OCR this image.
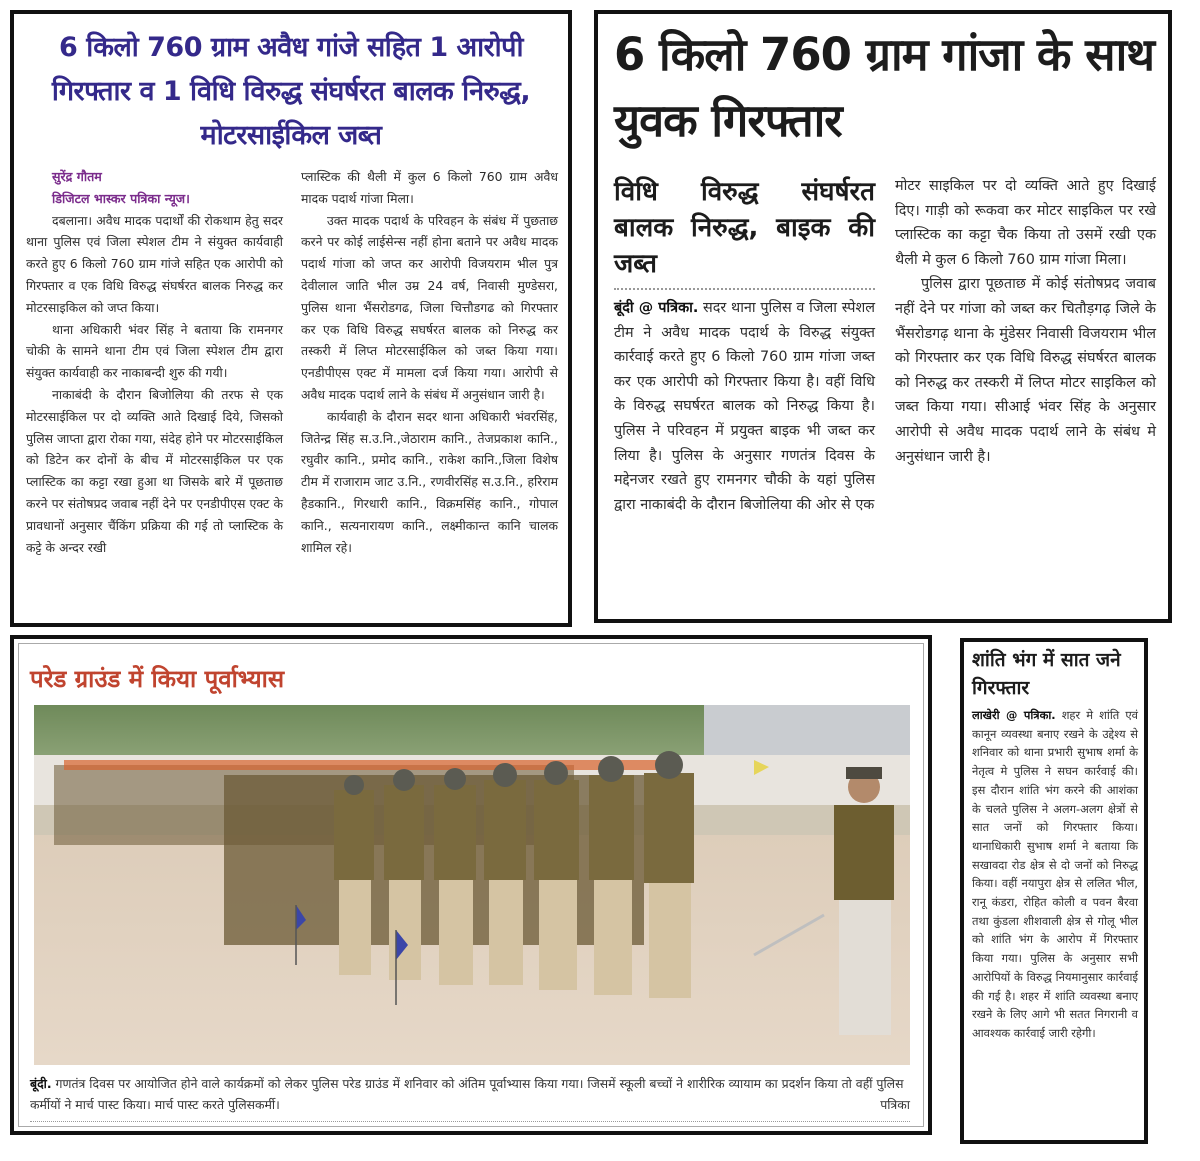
6 किलो 760 ग्राम अवैध गांजे सहित 1 आरोपी गिरफ्तार व 1 विधि विरुद्ध संघर्षरत बालक निरुद्ध, मोटरसाईकिल जब्त
सुरेंद्र गौतम
डिजिटल भास्कर पत्रिका न्यूज।

दबलाना। अवैध मादक पदार्थों की रोकथाम हेतु सदर थाना पुलिस एवं जिला स्पेशल टीम ने संयुक्त कार्यवाही करते हुए 6 किलो 760 ग्राम गांजे सहित एक आरोपी को गिरफ्तार व एक विधि विरुद्ध संघर्षरत बालक निरुद्ध कर मोटरसाइकिल को जप्त किया।

थाना अधिकारी भंवर सिंह ने बताया कि रामनगर चोकी के सामने थाना टीम एवं जिला स्पेशल टीम द्वारा संयुक्त कार्यवाही कर नाकाबन्दी शुरु की गयी।

नाकाबंदी के दौरान बिजोलिया की तरफ से एक मोटरसाईकिल पर दो व्यक्ति आते दिखाई दिये, जिसको पुलिस जाप्ता द्वारा रोका गया, संदेह होने पर मोटरसाईकिल को डिटेन कर दोनों के बीच में मोटरसाईकिल पर एक प्लास्टिक का कट्टा रखा हुआ था जिसके बारे में पूछताछ करने पर संतोषप्रद जवाब नहीं देने पर एनडीपीएस एक्ट के प्रावधानों अनुसार चैंकिंग प्रक्रिया की गई तो प्लास्टिक के कट्टे के अन्दर रखी

प्लास्टिक की थैली में कुल 6 किलो 760 ग्राम अवैध मादक पदार्थ गांजा मिला।

उक्त मादक पदार्थ के परिवहन के संबंध में पुछताछ करने पर कोई लाईसेन्स नहीं होना बताने पर अवैध मादक पदार्थ गांजा को जप्त कर आरोपी विजयराम भील पुत्र देवीलाल जाति भील उम्र 24 वर्ष, निवासी मुण्डेसरा, पुलिस थाना भैंसरोडगढ, जिला चित्तौडगढ को गिरफ्तार कर एक विधि विरुद्ध सघर्षरत बालक को निरुद्ध कर तस्करी में लिप्त मोटरसाईकिल को जब्त किया गया। एनडीपीएस एक्ट में मामला दर्ज किया गया। आरोपी से अवैध मादक पदार्थ लाने के संबंध में अनुसंधान जारी है।

कार्यवाही के दौरान सदर थाना अधिकारी भंवरसिंह, जितेन्द्र सिंह स.उ.नि.,जेठाराम कानि., तेजप्रकाश कानि., रघुवीर कानि., प्रमोद कानि., राकेश कानि.,जिला विशेष टीम में राजाराम जाट उ.नि., रणवीरसिंह स.उ.नि., हरिराम हैडकानि., गिरधारी कानि., विक्रमसिंह कानि., गोपाल कानि., सत्यनारायण कानि., लक्ष्मीकान्त कानि चालक शामिल रहे।

6 किलो 760 ग्राम गांजा के साथ युवक गिरफ्तार
विधि विरुद्ध संघर्षरत बालक निरुद्ध, बाइक की जब्त

बूंदी @ पत्रिका. सदर थाना पुलिस व जिला स्पेशल टीम ने अवैध मादक पदार्थ के विरुद्ध संयुक्त कार्रवाई करते हुए 6 किलो 760 ग्राम गांजा जब्त कर एक आरोपी को गिरफ्तार किया है। वहीं विधि के विरुद्ध सघर्षरत बालक को निरुद्ध किया है। पुलिस ने परिवहन में प्रयुक्त बाइक भी जब्त कर लिया है। पुलिस के अनुसार गणतंत्र दिवस के मद्देनजर रखते हुए रामनगर चौकी के यहां पुलिस द्वारा नाकाबंदी के दौरान बिजोलिया की ओर से एक

मोटर साइकिल पर दो व्यक्ति आते हुए दिखाई दिए। गाड़ी को रूकवा कर मोटर साइकिल पर रखे प्लास्टिक का कट्टा चैक किया तो उसमें रखी एक थैली मे कुल 6 किलो 760 ग्राम गांजा मिला।

पुलिस द्वारा पूछताछ में कोई संतोषप्रद जवाब नहीं देने पर गांजा को जब्त कर चितौड़गढ़ जिले के भैंसरोडगढ़ थाना के मुंडेसर निवासी विजयराम भील को गिरफ्तार कर एक विधि विरुद्ध संघर्षरत बालक को निरुद्ध कर तस्करी में लिप्त मोटर साइकिल को जब्त किया गया। सीआई भंवर सिंह के अनुसार आरोपी से अवैध मादक पदार्थ लाने के संबंध मे अनुसंधान जारी है।

परेड ग्राउंड में किया पूर्वाभ्यास
बूंदी. गणतंत्र दिवस पर आयोजित होने वाले कार्यक्रमों को लेकर पुलिस परेड ग्राउंड में शनिवार को अंतिम पूर्वाभ्यास किया गया। जिसमें स्कूली बच्चों ने शारीरिक व्यायाम का प्रदर्शन किया तो वहीं पुलिस कर्मीयों ने मार्च पास्ट किया। मार्च पास्ट करते पुलिसकर्मी।	पत्रिका
शांति भंग में सात जने गिरफ्तार
लाखेरी @ पत्रिका. शहर मे शांति एवं कानून व्यवस्था बनाए रखने के उद्देश्य से शनिवार को थाना प्रभारी सुभाष शर्मा के नेतृत्व मे पुलिस ने सघन कार्रवाई की। इस दौरान शांति भंग करने की आशंका के चलते पुलिस ने अलग-अलग क्षेत्रों से सात जनों को गिरफ्तार किया। थानाधिकारी सुभाष शर्मा ने बताया कि सखावदा रोड क्षेत्र से दो जनों को निरुद्ध किया। वहीं नयापुरा क्षेत्र से ललित भील, रानू कंडरा, रोहित कोली व पवन बैरवा तथा कुंडला शीशवाली क्षेत्र से गोलू भील को शांति भंग के आरोप में गिरफ्तार किया गया। पुलिस के अनुसार सभी आरोपियों के विरुद्ध नियमानुसार कार्रवाई की गई है। शहर में शांति व्यवस्था बनाए रखने के लिए आगे भी सतत निगरानी व आवश्यक कार्रवाई जारी रहेगी।
